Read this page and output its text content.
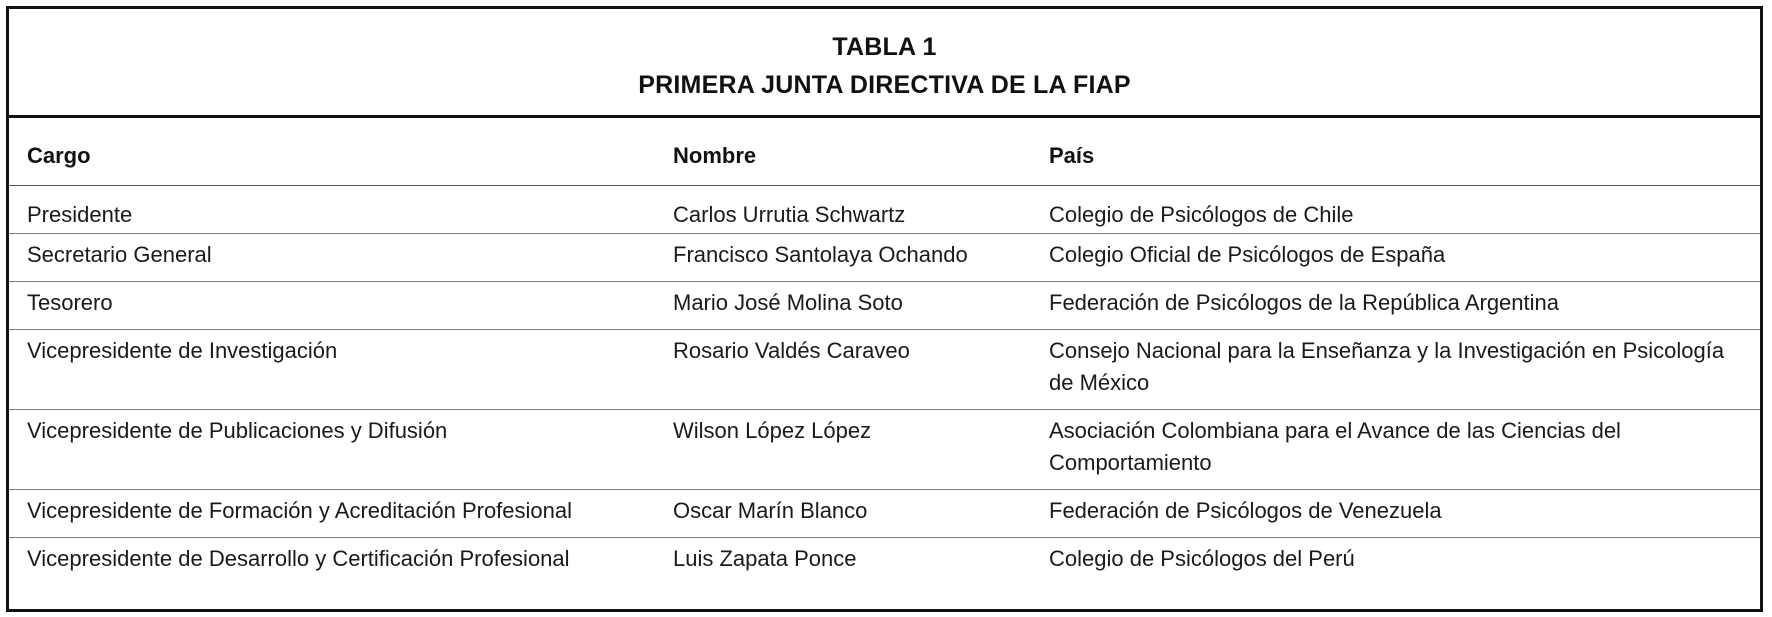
TABLA 1
PRIMERA JUNTA DIRECTIVA DE LA FIAP
Cargo	Nombre	País
Presidente	Carlos Urrutia Schwartz	Colegio de Psicólogos de Chile
Secretario General	Francisco Santolaya Ochando	Colegio Oficial de Psicólogos de España
Tesorero	Mario José Molina Soto	Federación de Psicólogos de la República Argentina
Vicepresidente de Investigación	Rosario Valdés Caraveo	Consejo Nacional para la Enseñanza y la Investigación en Psicología de México
Vicepresidente de Publicaciones y Difusión	Wilson López López	Asociación Colombiana para el Avance de las Ciencias del Comportamiento
Vicepresidente de Formación y Acreditación Profesional	Oscar Marín Blanco	Federación de Psicólogos de Venezuela
Vicepresidente de Desarrollo y Certificación Profesional	Luis Zapata Ponce	Colegio de Psicólogos del Perú
